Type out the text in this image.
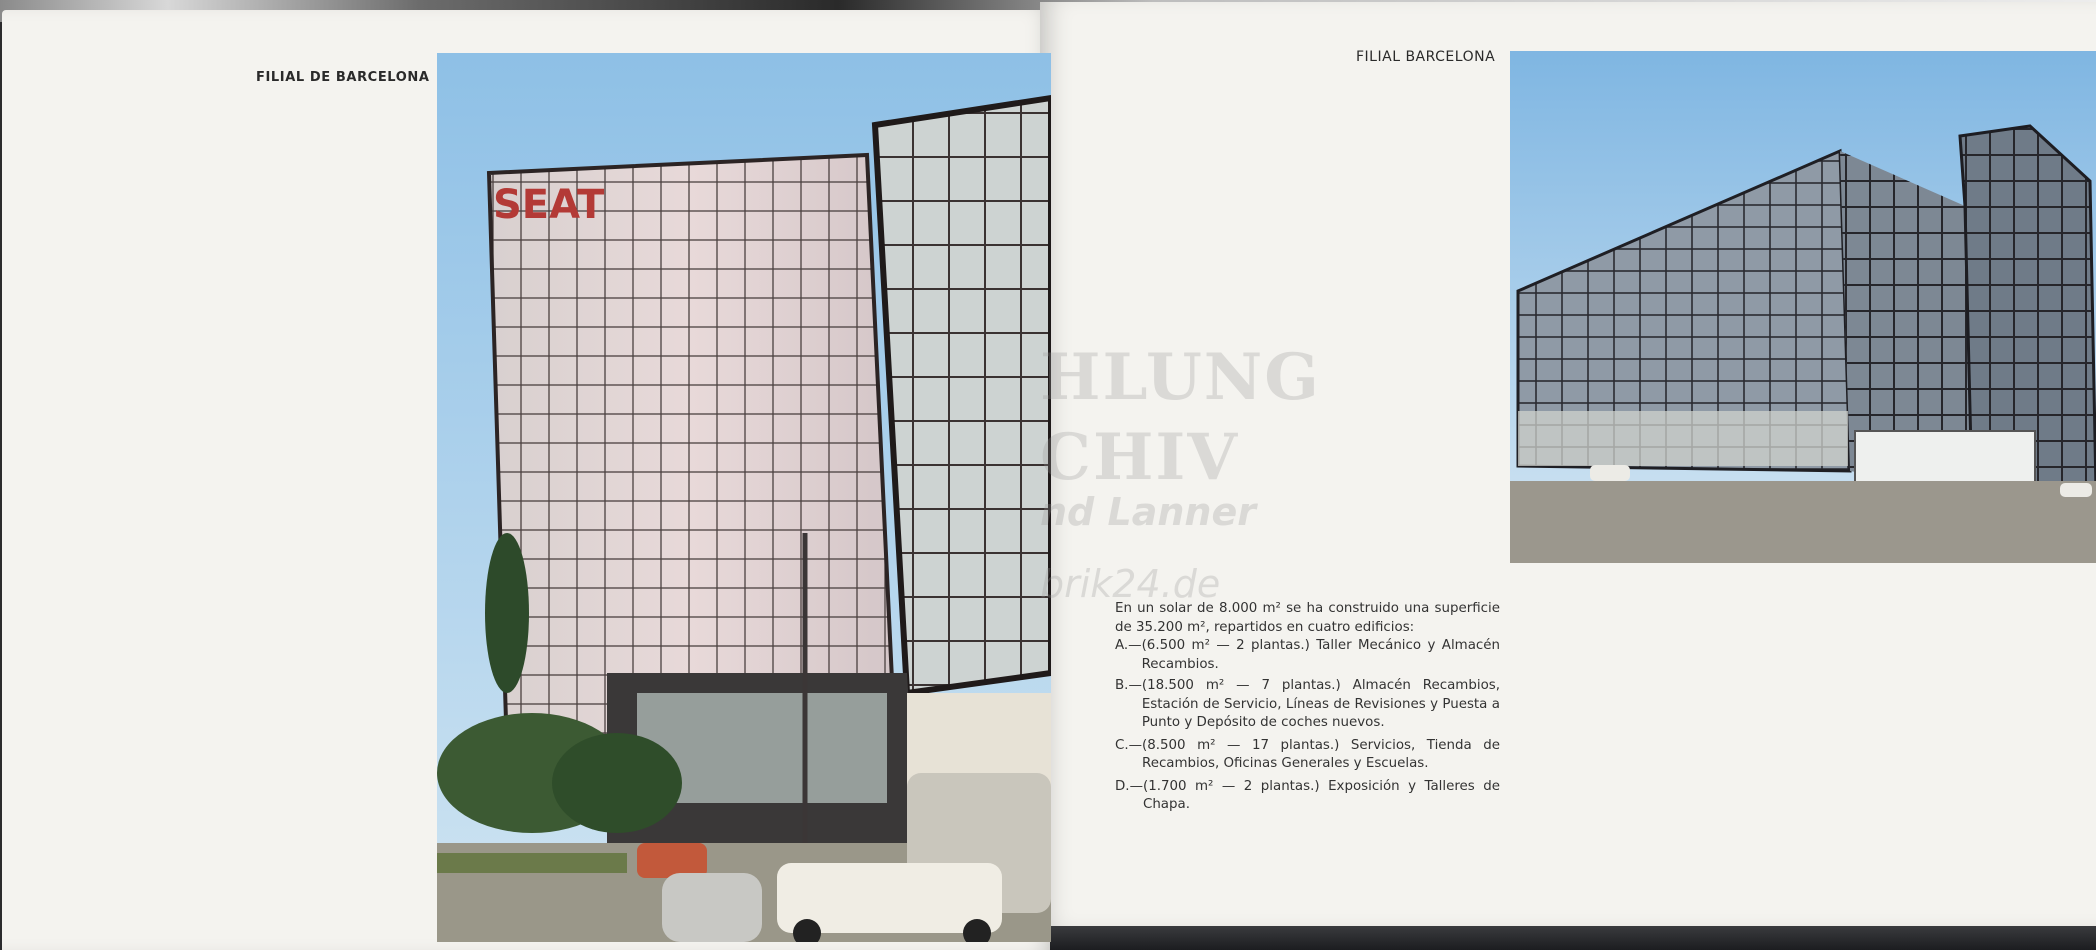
FILIAL DE BARCELONA
SEAT
FILIAL BARCELONA
HLUNG
CHIV
nd Lanner
brik24.de

En un solar de 8.000 m² se ha construido una superficie de 35.200 m², repartidos en cuatro edificios:

A.— (6.500 m² — 2 plantas.) Taller Mecánico y Almacén Recambios.
B.— (18.500 m² — 7 plantas.) Almacén Recambios, Estación de Servicio, Líneas de Revisiones y Puesta a Punto y Depósito de coches nuevos.
C.— (8.500 m² — 17 plantas.) Servicios, Tienda de Recambios, Oficinas Generales y Escuelas.
D.— (1.700 m² — 2 plantas.) Exposición y Talleres de Chapa.
